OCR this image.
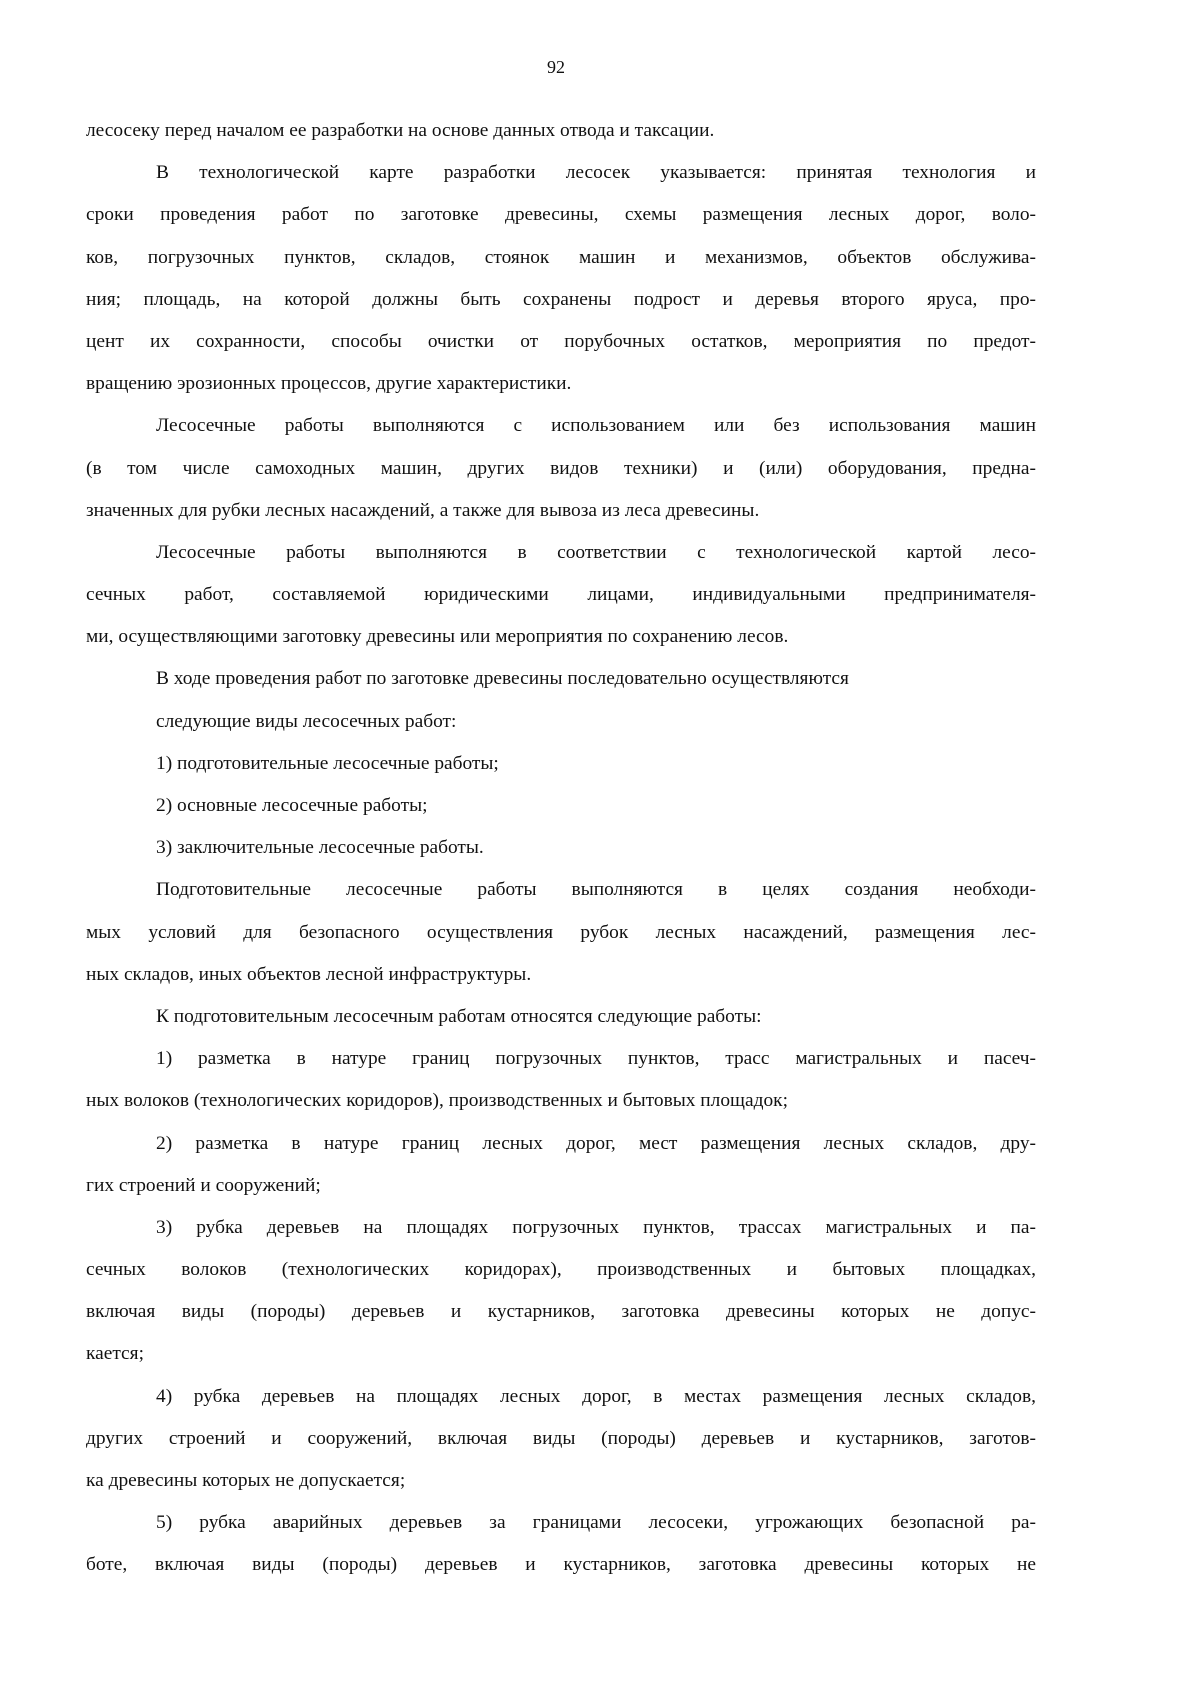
92
лесосеку перед началом ее разработки на основе данных отвода и таксации.
В технологической карте разработки лесосек указывается: принятая технология и
сроки проведения работ по заготовке древесины, схемы размещения лесных дорог, воло-
ков, погрузочных пунктов, складов, стоянок машин и механизмов, объектов обслужива-
ния; площадь, на которой должны быть сохранены подрост и деревья второго яруса, про-
цент их сохранности, способы очистки от порубочных остатков, мероприятия по предот-
вращению эрозионных процессов, другие характеристики.
Лесосечные работы выполняются с использованием или без использования машин
(в том числе самоходных машин, других видов техники) и (или) оборудования, предна-
значенных для рубки лесных насаждений, а также для вывоза из леса древесины.
Лесосечные работы выполняются в соответствии с технологической картой лесо-
сечных работ, составляемой юридическими лицами, индивидуальными предпринимателя-
ми, осуществляющими заготовку древесины или мероприятия по сохранению лесов.
В ходе проведения работ по заготовке древесины последовательно осуществляются
следующие виды лесосечных работ:
1) подготовительные лесосечные работы;
2) основные лесосечные работы;
3) заключительные лесосечные работы.
Подготовительные лесосечные работы выполняются в целях создания необходи-
мых условий для безопасного осуществления рубок лесных насаждений, размещения лес-
ных складов, иных объектов лесной инфраструктуры.
К подготовительным лесосечным работам относятся следующие работы:
1) разметка в натуре границ погрузочных пунктов, трасс магистральных и пасеч-
ных волоков (технологических коридоров), производственных и бытовых площадок;
2) разметка в натуре границ лесных дорог, мест размещения лесных складов, дру-
гих строений и сооружений;
3) рубка деревьев на площадях погрузочных пунктов, трассах магистральных и па-
сечных волоков (технологических коридорах), производственных и бытовых площадках,
включая виды (породы) деревьев и кустарников, заготовка древесины которых не допус-
кается;
4) рубка деревьев на площадях лесных дорог, в местах размещения лесных складов,
других строений и сооружений, включая виды (породы) деревьев и кустарников, заготов-
ка древесины которых не допускается;
5) рубка аварийных деревьев за границами лесосеки, угрожающих безопасной ра-
боте, включая виды (породы) деревьев и кустарников, заготовка древесины которых не
